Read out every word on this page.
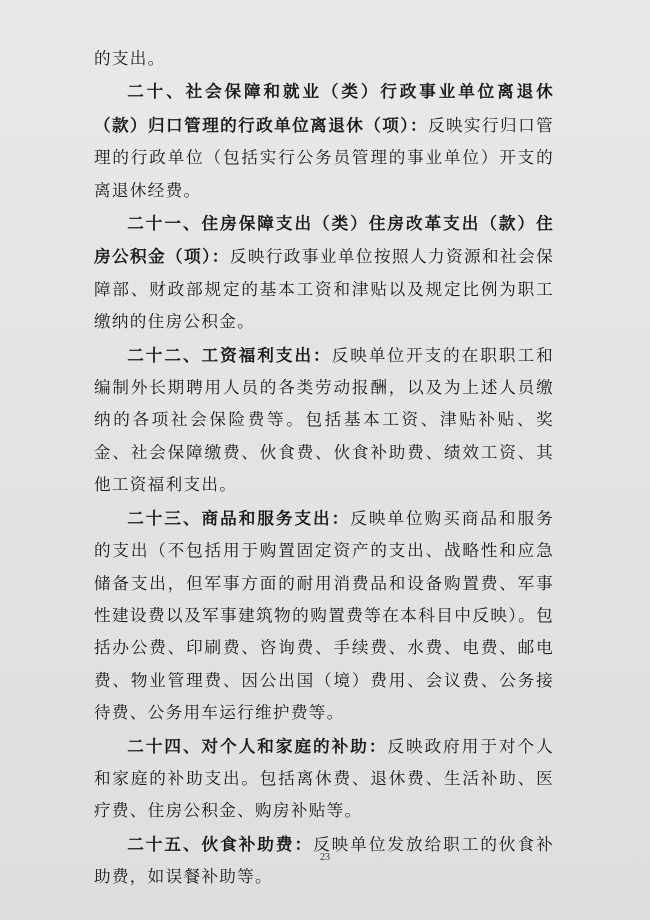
的支出。

二十、社会保障和就业（类）行政事业单位离退休（款）归口管理的行政单位离退休（项）：反映实行归口管理的行政单位（包括实行公务员管理的事业单位）开支的离退休经费。

二十一、住房保障支出（类）住房改革支出（款）住房公积金（项）：反映行政事业单位按照人力资源和社会保障部、财政部规定的基本工资和津贴以及规定比例为职工缴纳的住房公积金。

二十二、工资福利支出：反映单位开支的在职职工和编制外长期聘用人员的各类劳动报酬，以及为上述人员缴纳的各项社会保险费等。包括基本工资、津贴补贴、奖金、社会保障缴费、伙食费、伙食补助费、绩效工资、其他工资福利支出。

二十三、商品和服务支出：反映单位购买商品和服务的支出（不包括用于购置固定资产的支出、战略性和应急储备支出，但军事方面的耐用消费品和设备购置费、军事性建设费以及军事建筑物的购置费等在本科目中反映）。包括办公费、印刷费、咨询费、手续费、水费、电费、邮电费、物业管理费、因公出国（境）费用、会议费、公务接待费、公务用车运行维护费等。

二十四、对个人和家庭的补助：反映政府用于对个人和家庭的补助支出。包括离休费、退休费、生活补助、医疗费、住房公积金、购房补贴等。

二十五、伙食补助费：反映单位发放给职工的伙食补助费，如误餐补助等。

23
